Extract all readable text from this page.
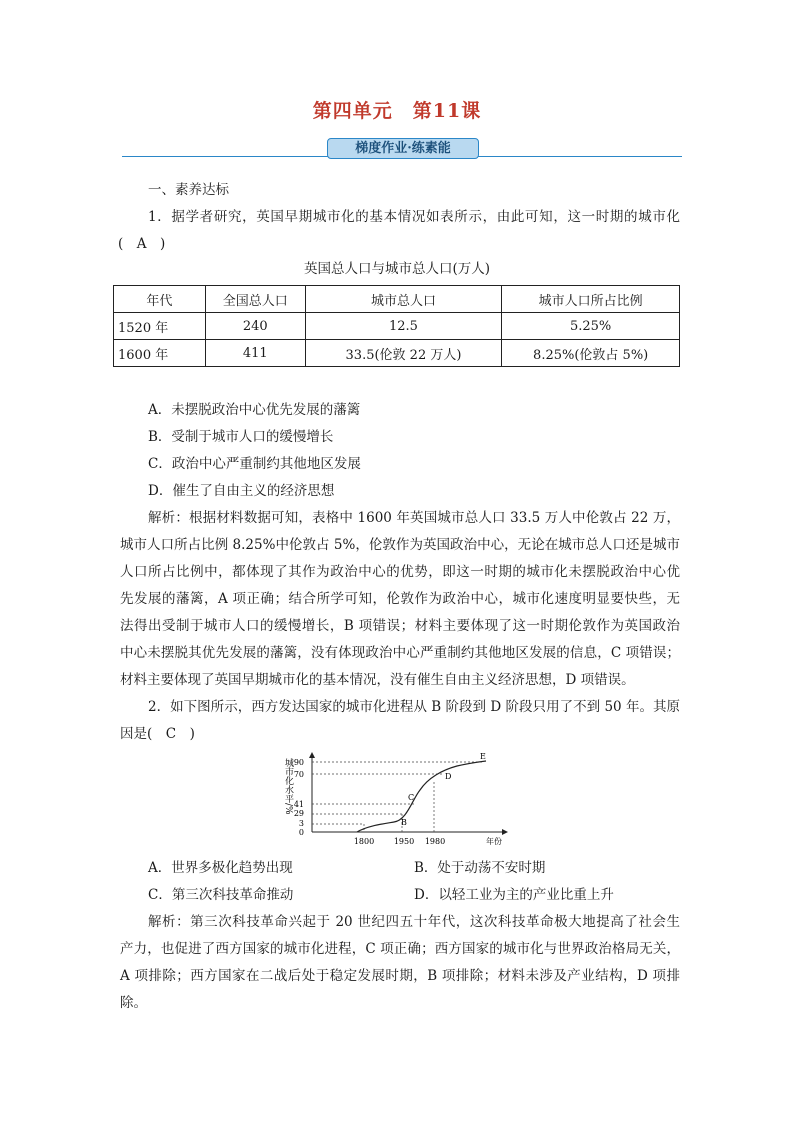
第四单元　第11课
梯度作业·练素能
一、素养达标
1．据学者研究，英国早期城市化的基本情况如表所示，由此可知，这一时期的城市化
(　A　)
英国总人口与城市总人口(万人)
年代	全国总人口	城市总人口	城市人口所占比例
1520 年	240	12.5	5.25%
1600 年	411	33.5(伦敦 22 万人)	8.25%(伦敦占 5%)
A．未摆脱政治中心优先发展的藩篱
B．受制于城市人口的缓慢增长
C．政治中心严重制约其他地区发展
D．催生了自由主义的经济思想
解析：根据材料数据可知，表格中 1600 年英国城市总人口 33.5 万人中伦敦占 22 万，
城市人口所占比例 8.25%中伦敦占 5%，伦敦作为英国政治中心，无论在城市总人口还是城市
人口所占比例中，都体现了其作为政治中心的优势，即这一时期的城市化未摆脱政治中心优
先发展的藩篱，A 项正确；结合所学可知，伦敦作为政治中心，城市化速度明显要快些，无
法得出受制于城市人口的缓慢增长，B 项错误；材料主要体现了这一时期伦敦作为英国政治
中心未摆脱其优先发展的藩篱，没有体现政治中心严重制约其他地区发展的信息，C 项错误；
材料主要体现了英国早期城市化的基本情况，没有催生自由主义经济思想，D 项错误。
2．如下图所示，西方发达国家的城市化进程从 B 阶段到 D 阶段只用了不到 50 年。其原
因是(　C　)
城市化水平/% 90
70
41
29
3
0
1800 1950 1980	年份
B
C
D
E
A．世界多极化趋势出现	B．处于动荡不安时期
C．第三次科技革命推动	D．以轻工业为主的产业比重上升
解析：第三次科技革命兴起于 20 世纪四五十年代，这次科技革命极大地提高了社会生
产力，也促进了西方国家的城市化进程，C 项正确；西方国家的城市化与世界政治格局无关，
A 项排除；西方国家在二战后处于稳定发展时期，B 项排除；材料未涉及产业结构，D 项排
除。
